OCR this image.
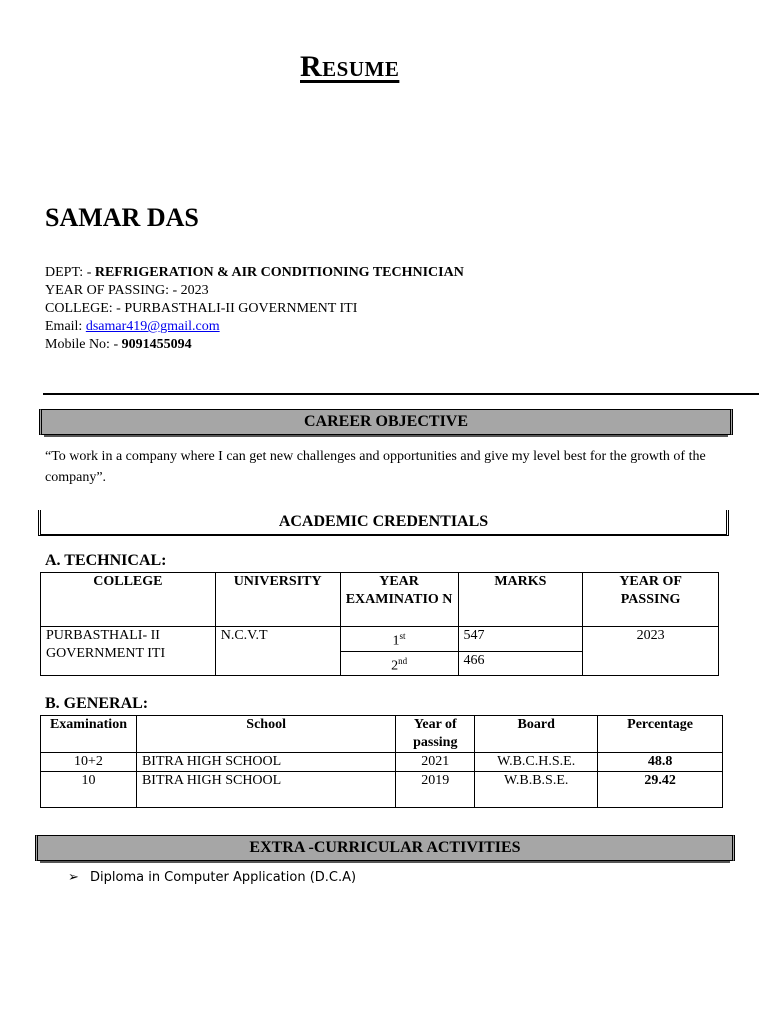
Resume
SAMAR DAS
DEPT: - REFRIGERATION & AIR CONDITIONING TECHNICIAN
YEAR OF PASSING: - 2023
COLLEGE: - PURBASTHALI-II GOVERNMENT ITI
Email: dsamar419@gmail.com
Mobile No: - 9091455094
CAREER OBJECTIVE
“To work in a company where I can get new challenges and opportunities and give my level best for the growth of the company”.
ACADEMIC CREDENTIALS
A. TECHNICAL:
COLLEGE	UNIVERSITY	YEAR EXAMINATIO N	MARKS	YEAR OF PASSING
PURBASTHALI- II GOVERNMENT ITI	N.C.V.T	1st	547	2023
		2nd	466	
B. GENERAL:
Examination	School	Year of passing	Board	Percentage
10+2	BITRA HIGH SCHOOL	2021	W.B.C.H.S.E.	48.8
10	BITRA HIGH SCHOOL	2019	W.B.B.S.E.	29.42
EXTRA -CURRICULAR ACTIVITIES
➢ Diploma in Computer Application (D.C.A)
